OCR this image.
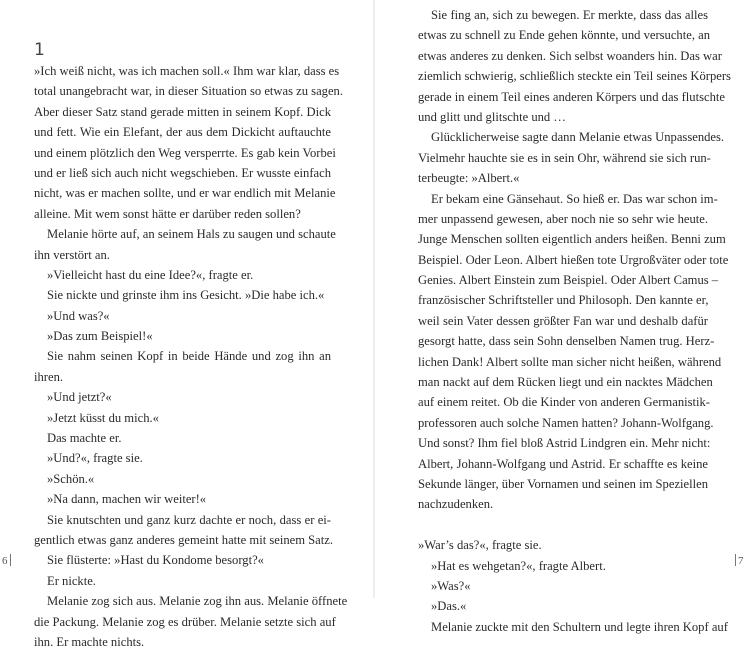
1
»Ich weiß nicht, was ich machen soll.« Ihm war klar, dass es
total unangebracht war, in dieser Situation so etwas zu sagen.
Aber dieser Satz stand gerade mitten in seinem Kopf. Dick
und fett. Wie ein Elefant, der aus dem Dickicht auftauchte
und einem plötzlich den Weg versperrte. Es gab kein Vorbei
und er ließ sich auch nicht wegschieben. Er wusste einfach
nicht, was er machen sollte, und er war endlich mit Melanie
alleine. Mit wem sonst hätte er darüber reden sollen?
Melanie hörte auf, an seinem Hals zu saugen und schaute
ihn verstört an.
»Vielleicht hast du eine Idee?«, fragte er.
Sie nickte und grinste ihm ins Gesicht. »Die habe ich.«
»Und was?«
»Das zum Beispiel!«
Sie nahm seinen Kopf in beide Hände und zog ihn an
ihren.
»Und jetzt?«
»Jetzt küsst du mich.«
Das machte er.
»Und?«, fragte sie.
»Schön.«
»Na dann, machen wir weiter!«
Sie knutschten und ganz kurz dachte er noch, dass er ei-
gentlich etwas ganz anderes gemeint hatte mit seinem Satz.
Sie flüsterte: »Hast du Kondome besorgt?«
Er nickte.
Melanie zog sich aus. Melanie zog ihn aus. Melanie öffnete
die Packung. Melanie zog es drüber. Melanie setzte sich auf
ihn. Er machte nichts.
6
Sie fing an, sich zu bewegen. Er merkte, dass das alles
etwas zu schnell zu Ende gehen könnte, und versuchte, an
etwas anderes zu denken. Sich selbst woanders hin. Das war
ziemlich schwierig, schließlich steckte ein Teil seines Körpers
gerade in einem Teil eines anderen Körpers und das flutschte
und glitt und glitschte und …
Glücklicherweise sagte dann Melanie etwas Unpassendes.
Vielmehr hauchte sie es in sein Ohr, während sie sich run-
terbeugte: »Albert.«
Er bekam eine Gänsehaut. So hieß er. Das war schon im-
mer unpassend gewesen, aber noch nie so sehr wie heute.
Junge Menschen sollten eigentlich anders heißen. Benni zum
Beispiel. Oder Leon. Albert hießen tote Urgroßväter oder tote
Genies. Albert Einstein zum Beispiel. Oder Albert Camus –
französischer Schriftsteller und Philosoph. Den kannte er,
weil sein Vater dessen größter Fan war und deshalb dafür
gesorgt hatte, dass sein Sohn denselben Namen trug. Herz-
lichen Dank! Albert sollte man sicher nicht heißen, während
man nackt auf dem Rücken liegt und ein nacktes Mädchen
auf einem reitet. Ob die Kinder von anderen Germanistik-
professoren auch solche Namen hatten? Johann-Wolfgang.
Und sonst? Ihm fiel bloß Astrid Lindgren ein. Mehr nicht:
Albert, Johann-Wolfgang und Astrid. Er schaffte es keine
Sekunde länger, über Vornamen und seinen im Speziellen
nachzudenken.
»War’s das?«, fragte sie.
»Hat es wehgetan?«, fragte Albert.
»Was?«
»Das.«
Melanie zuckte mit den Schultern und legte ihren Kopf auf
7
